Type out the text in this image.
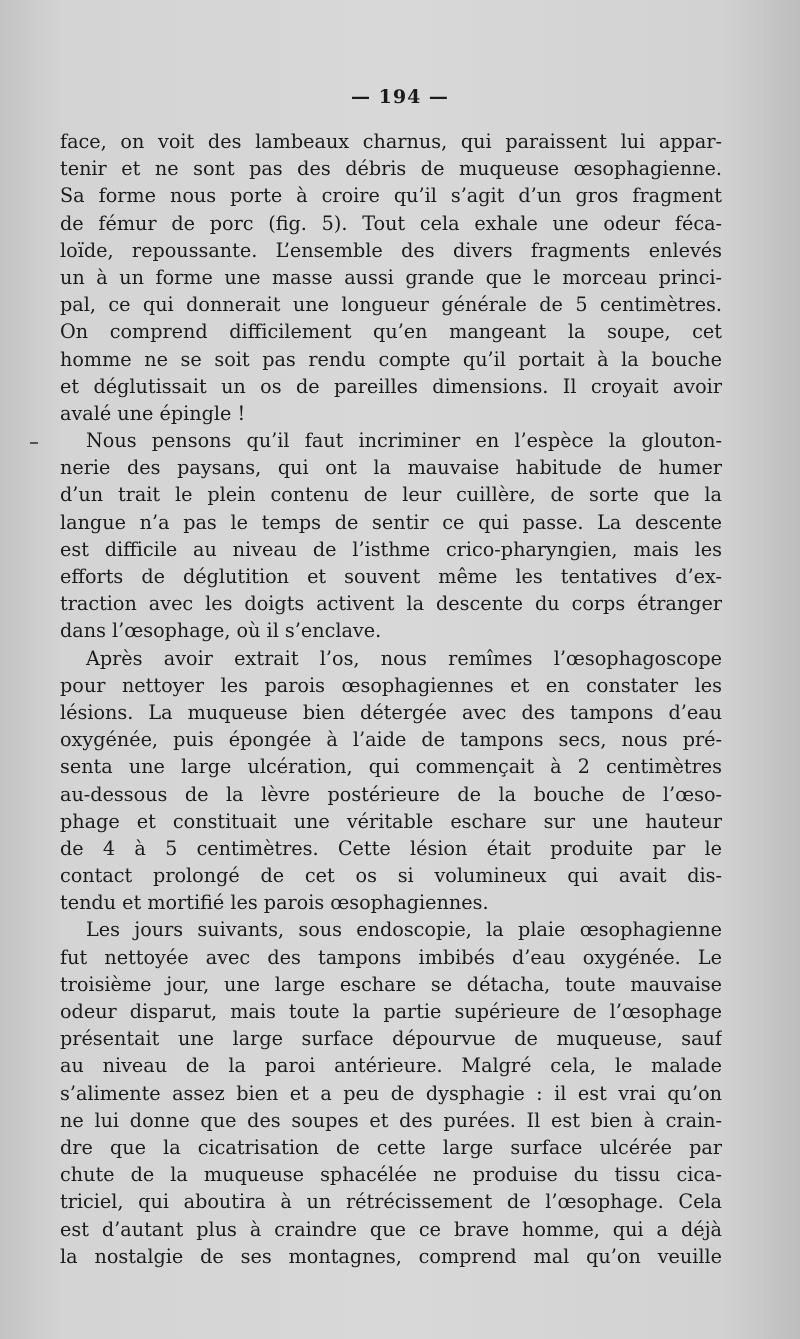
— 194 —
face, on voit des lambeaux charnus, qui paraissent lui appar-
tenir et ne sont pas des débris de muqueuse œsophagienne.
Sa forme nous porte à croire qu’il s’agit d’un gros fragment
de fémur de porc (fig. 5). Tout cela exhale une odeur féca-
loïde, repoussante. L’ensemble des divers fragments enlevés
un à un forme une masse aussi grande que le morceau princi-
pal, ce qui donnerait une longueur générale de 5 centimètres.
On comprend difficilement qu’en mangeant la soupe, cet
homme ne se soit pas rendu compte qu’il portait à la bouche
et déglutissait un os de pareilles dimensions. Il croyait avoir
avalé une épingle !
Nous pensons qu’il faut incriminer en l’espèce la glouton-
nerie des paysans, qui ont la mauvaise habitude de humer
d’un trait le plein contenu de leur cuillère, de sorte que la
langue n’a pas le temps de sentir ce qui passe. La descente
est difficile au niveau de l’isthme crico-pharyngien, mais les
efforts de déglutition et souvent même les tentatives d’ex-
traction avec les doigts activent la descente du corps étranger
dans l’œsophage, où il s’enclave.
Après avoir extrait l’os, nous remîmes l’œsophagoscope
pour nettoyer les parois œsophagiennes et en constater les
lésions. La muqueuse bien détergée avec des tampons d’eau
oxygénée, puis épongée à l’aide de tampons secs, nous pré-
senta une large ulcération, qui commençait à 2 centimètres
au-dessous de la lèvre postérieure de la bouche de l’œso-
phage et constituait une véritable eschare sur une hauteur
de 4 à 5 centimètres. Cette lésion était produite par le
contact prolongé de cet os si volumineux qui avait dis-
tendu et mortifié les parois œsophagiennes.
Les jours suivants, sous endoscopie, la plaie œsophagienne
fut nettoyée avec des tampons imbibés d’eau oxygénée. Le
troisième jour, une large eschare se détacha, toute mauvaise
odeur disparut, mais toute la partie supérieure de l’œsophage
présentait une large surface dépourvue de muqueuse, sauf
au niveau de la paroi antérieure. Malgré cela, le malade
s’alimente assez bien et a peu de dysphagie : il est vrai qu’on
ne lui donne que des soupes et des purées. Il est bien à crain-
dre que la cicatrisation de cette large surface ulcérée par
chute de la muqueuse sphacélée ne produise du tissu cica-
triciel, qui aboutira à un rétrécissement de l’œsophage. Cela
est d’autant plus à craindre que ce brave homme, qui a déjà
la nostalgie de ses montagnes, comprend mal qu’on veuille
